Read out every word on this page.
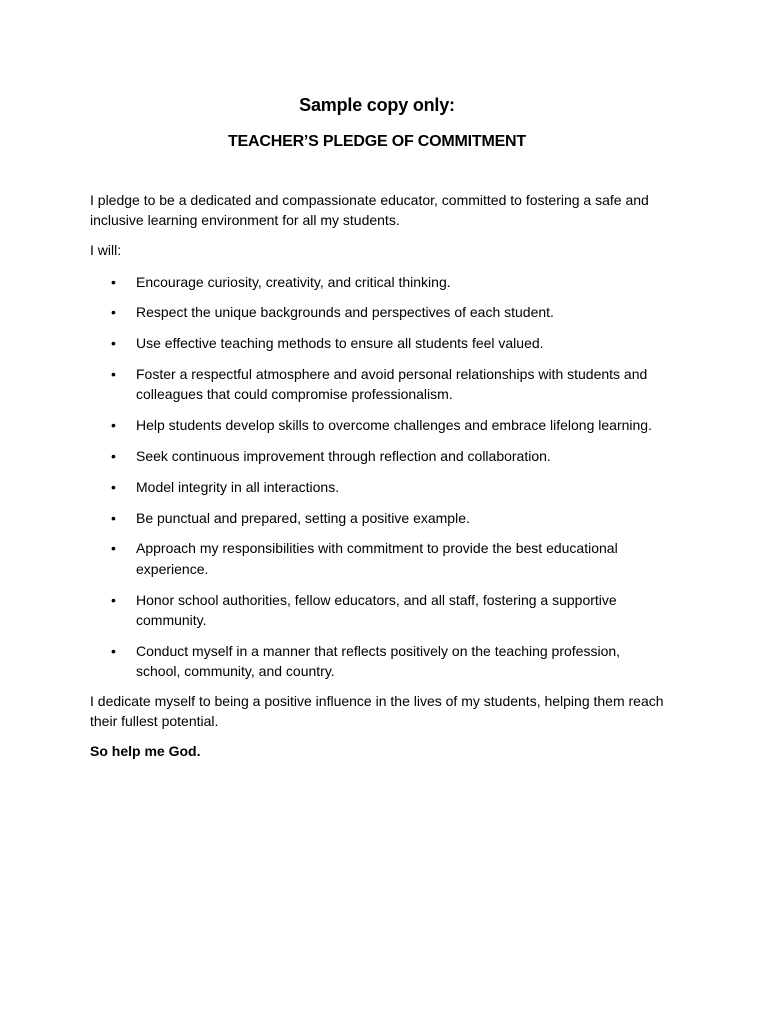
Sample copy only:
TEACHER’S PLEDGE OF COMMITMENT

I pledge to be a dedicated and compassionate educator, committed to fostering a safe and inclusive learning environment for all my students.

I will:

• Encourage curiosity, creativity, and critical thinking.
• Respect the unique backgrounds and perspectives of each student.
• Use effective teaching methods to ensure all students feel valued.
• Foster a respectful atmosphere and avoid personal relationships with students and colleagues that could compromise professionalism.
• Help students develop skills to overcome challenges and embrace lifelong learning.
• Seek continuous improvement through reflection and collaboration.
• Model integrity in all interactions.
• Be punctual and prepared, setting a positive example.
• Approach my responsibilities with commitment to provide the best educational experience.
• Honor school authorities, fellow educators, and all staff, fostering a supportive community.
• Conduct myself in a manner that reflects positively on the teaching profession, school, community, and country.

I dedicate myself to being a positive influence in the lives of my students, helping them reach their fullest potential.

So help me God.
